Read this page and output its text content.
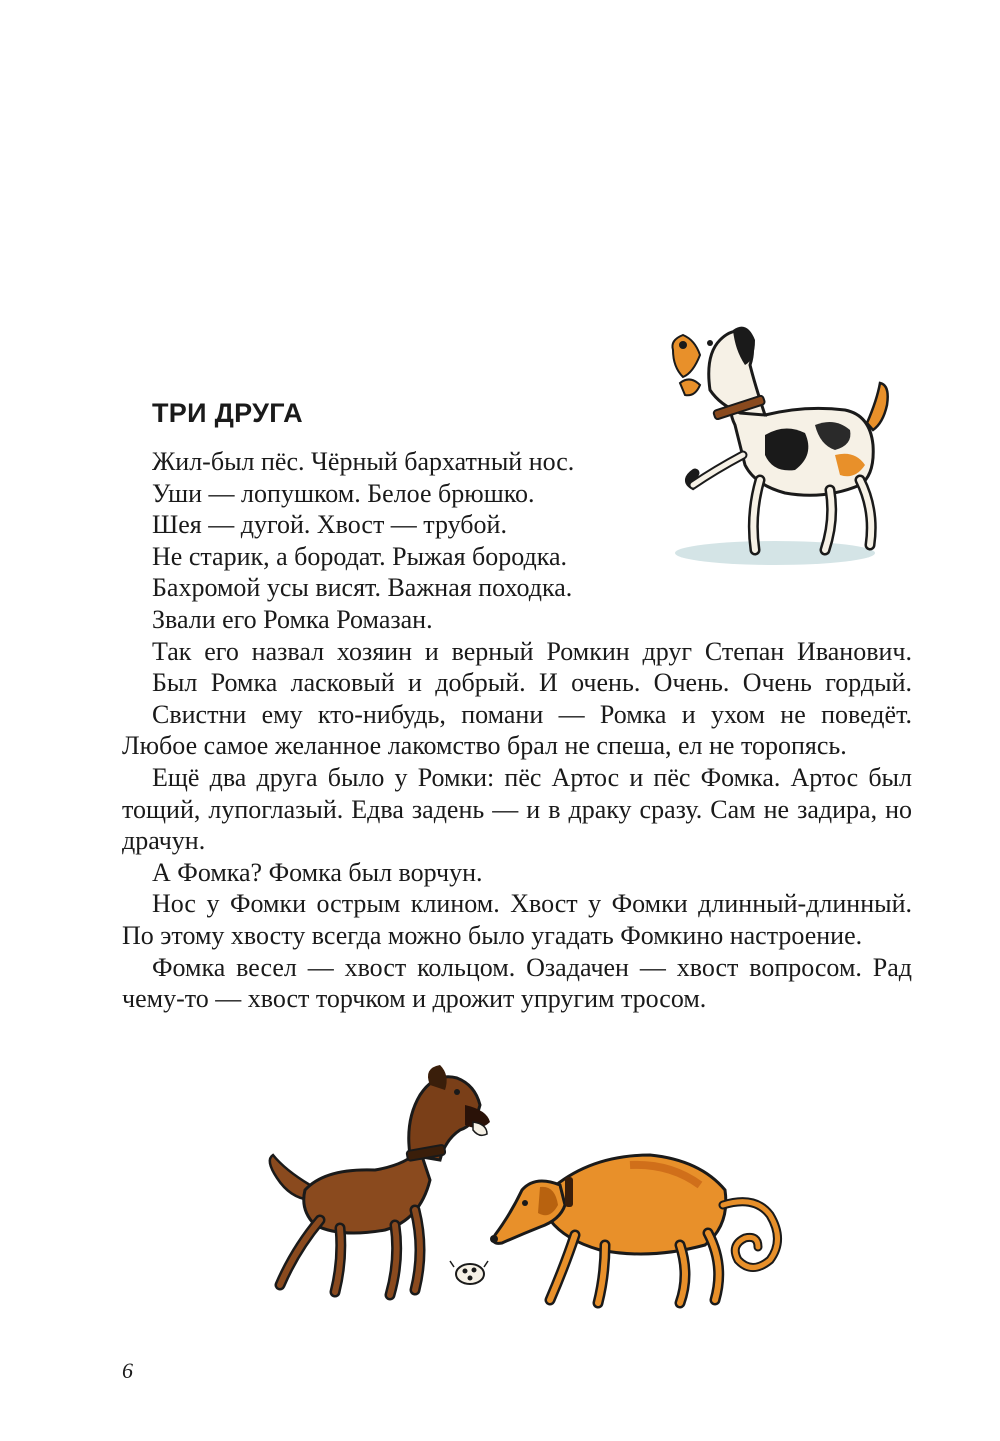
ТРИ ДРУГА

Жил-был пёс. Чёрный бархатный нос.

Уши — лопушком. Белое брюшко.

Шея — дугой. Хвост — трубой.

Не старик, а бородат. Рыжая бородка.

Бахромой усы висят. Важная походка.

Звали его Ромка Ромазан.

Так его назвал хозяин и верный Ромкин друг Степан Иванович.

Был Ромка ласковый и добрый. И очень. Очень. Очень гордый.

Свистни ему кто-нибудь, помани — Ромка и ухом не поведёт. Любое самое желанное лакомство брал не спеша, ел не торопясь.

Ещё два друга было у Ромки: пёс Артос и пёс Фомка. Артос был тощий, лупоглазый. Едва задень — и в драку сразу. Сам не задира, но драчун.

А Фомка? Фомка был ворчун.

Нос у Фомки острым клином. Хвост у Фомки длинный-длинный. По этому хвосту всегда можно было угадать Фомкино настроение.

Фомка весел — хвост кольцом. Озадачен — хвост вопросом. Рад чему-то — хвост торчком и дрожит упругим тросом.

6
